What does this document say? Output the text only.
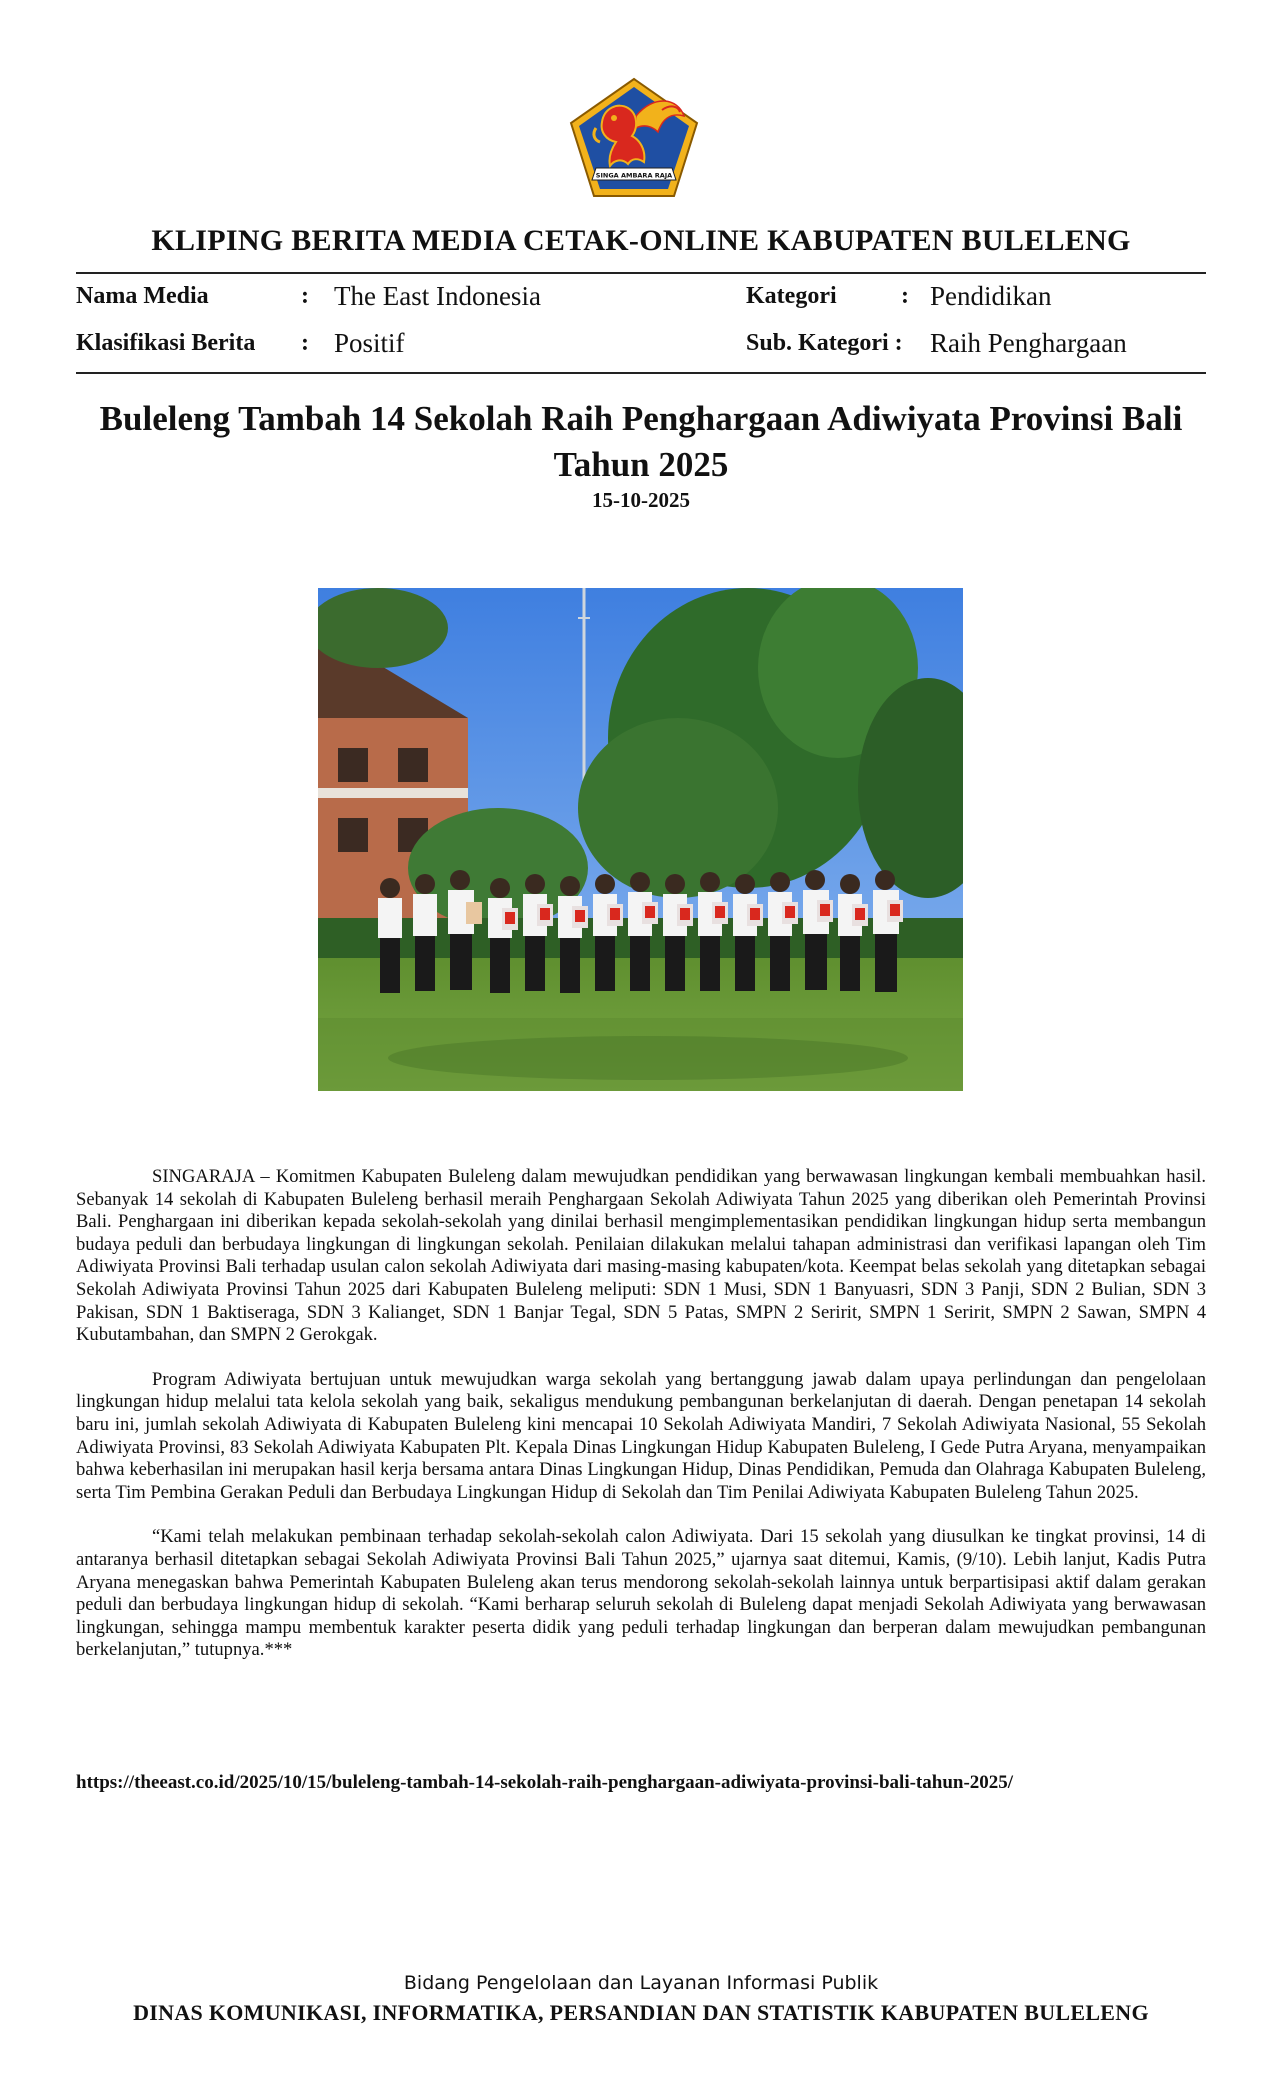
SINGA AMBARA RAJA
KLIPING BERITA MEDIA CETAK-ONLINE KABUPATEN BULELENG
Nama Media	: The East Indonesia
Klasifikasi Berita : Positif
Kategori	: Pendidikan
Sub. Kategori : Raih Penghargaan
Buleleng Tambah 14 Sekolah Raih Penghargaan Adiwiyata Provinsi Bali Tahun 2025
15-10-2025

SINGARAJA – Komitmen Kabupaten Buleleng dalam mewujudkan pendidikan yang berwawasan lingkungan kembali membuahkan hasil. Sebanyak 14 sekolah di Kabupaten Buleleng berhasil meraih Penghargaan Sekolah Adiwiyata Tahun 2025 yang diberikan oleh Pemerintah Provinsi Bali. Penghargaan ini diberikan kepada sekolah-sekolah yang dinilai berhasil mengimplementasikan pendidikan lingkungan hidup serta membangun budaya peduli dan berbudaya lingkungan di lingkungan sekolah. Penilaian dilakukan melalui tahapan administrasi dan verifikasi lapangan oleh Tim Adiwiyata Provinsi Bali terhadap usulan calon sekolah Adiwiyata dari masing-masing kabupaten/kota. Keempat belas sekolah yang ditetapkan sebagai Sekolah Adiwiyata Provinsi Tahun 2025 dari Kabupaten Buleleng meliputi: SDN 1 Musi, SDN 1 Banyuasri, SDN 3 Panji, SDN 2 Bulian, SDN 3 Pakisan, SDN 1 Baktiseraga, SDN 3 Kalianget, SDN 1 Banjar Tegal, SDN 5 Patas, SMPN 2 Seririt, SMPN 1 Seririt, SMPN 2 Sawan, SMPN 4 Kubutambahan, dan SMPN 2 Gerokgak.

Program Adiwiyata bertujuan untuk mewujudkan warga sekolah yang bertanggung jawab dalam upaya perlindungan dan pengelolaan lingkungan hidup melalui tata kelola sekolah yang baik, sekaligus mendukung pembangunan berkelanjutan di daerah. Dengan penetapan 14 sekolah baru ini, jumlah sekolah Adiwiyata di Kabupaten Buleleng kini mencapai 10 Sekolah Adiwiyata Mandiri, 7 Sekolah Adiwiyata Nasional, 55 Sekolah Adiwiyata Provinsi, 83 Sekolah Adiwiyata Kabupaten Plt. Kepala Dinas Lingkungan Hidup Kabupaten Buleleng, I Gede Putra Aryana, menyampaikan bahwa keberhasilan ini merupakan hasil kerja bersama antara Dinas Lingkungan Hidup, Dinas Pendidikan, Pemuda dan Olahraga Kabupaten Buleleng, serta Tim Pembina Gerakan Peduli dan Berbudaya Lingkungan Hidup di Sekolah dan Tim Penilai Adiwiyata Kabupaten Buleleng Tahun 2025.

“Kami telah melakukan pembinaan terhadap sekolah-sekolah calon Adiwiyata. Dari 15 sekolah yang diusulkan ke tingkat provinsi, 14 di antaranya berhasil ditetapkan sebagai Sekolah Adiwiyata Provinsi Bali Tahun 2025,” ujarnya saat ditemui, Kamis, (9/10). Lebih lanjut, Kadis Putra Aryana menegaskan bahwa Pemerintah Kabupaten Buleleng akan terus mendorong sekolah-sekolah lainnya untuk berpartisipasi aktif dalam gerakan peduli dan berbudaya lingkungan hidup di sekolah. “Kami berharap seluruh sekolah di Buleleng dapat menjadi Sekolah Adiwiyata yang berwawasan lingkungan, sehingga mampu membentuk karakter peserta didik yang peduli terhadap lingkungan dan berperan dalam mewujudkan pembangunan berkelanjutan,” tutupnya.***

https://theeast.co.id/2025/10/15/buleleng-tambah-14-sekolah-raih-penghargaan-adiwiyata-provinsi-bali-tahun-2025/
Bidang Pengelolaan dan Layanan Informasi Publik
DINAS KOMUNIKASI, INFORMATIKA, PERSANDIAN DAN STATISTIK KABUPATEN BULELENG
